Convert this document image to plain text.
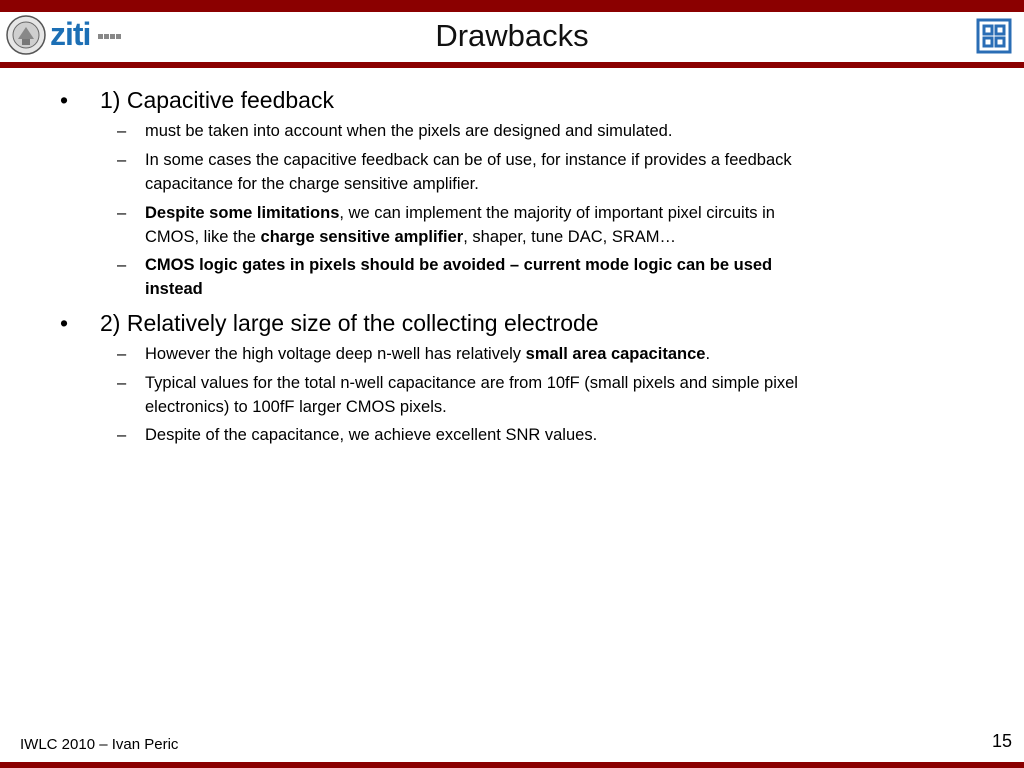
ziti	Drawbacks
• 1) Capacitive feedback
– must be taken into account when the pixels are designed and simulated.
– In some cases the capacitive feedback can be of use, for instance if provides a feedback
capacitance for the charge sensitive amplifier.
– Despite some limitations, we can implement the majority of important pixel circuits in
CMOS, like the charge sensitive amplifier, shaper, tune DAC, SRAM…
– CMOS logic gates in pixels should be avoided – current mode logic can be used
instead
• 2) Relatively large size of the collecting electrode
– However the high voltage deep n-well has relatively small area capacitance.
– Typical values for the total n-well capacitance are from 10fF (small pixels and simple pixel
electronics) to 100fF larger CMOS pixels.
– Despite of the capacitance, we achieve excellent SNR values.
IWLC 2010 – Ivan Peric	15
